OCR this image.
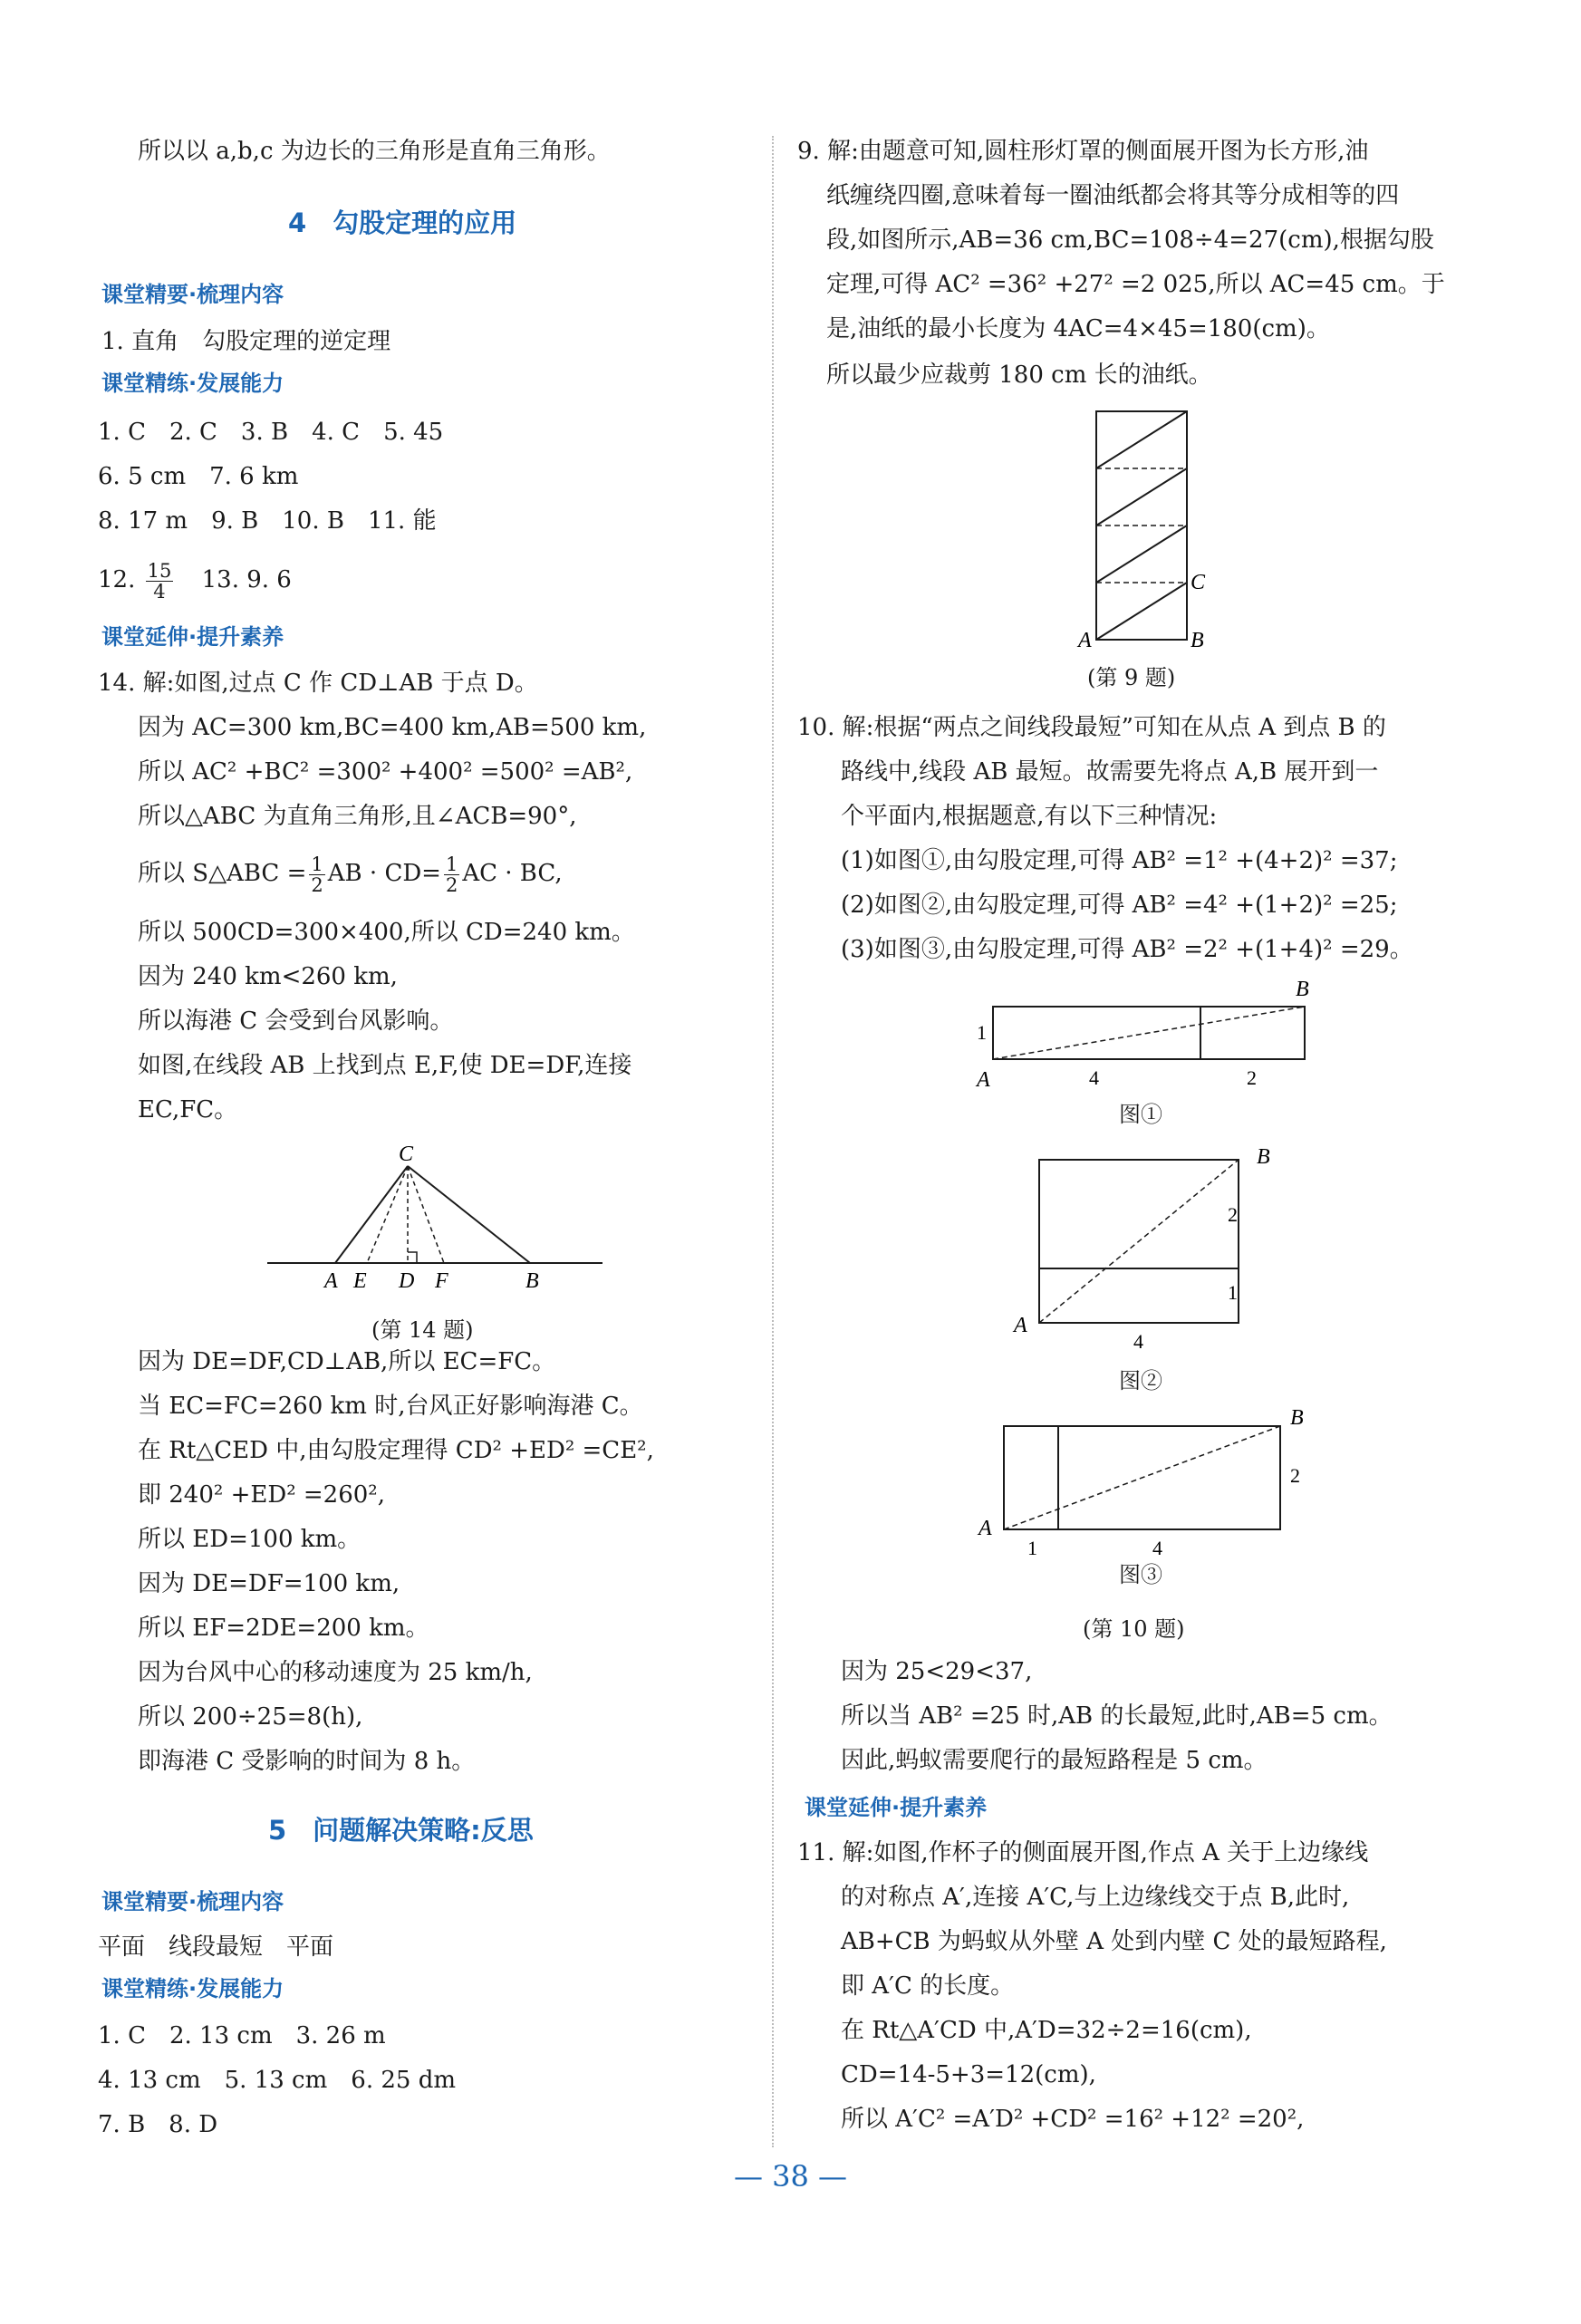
所以以 a,b,c 为边长的三角形是直角三角形。
4　勾股定理的应用
课堂精要·梳理内容
1. 直角　勾股定理的逆定理
课堂精练·发展能力
1. C　2. C　3. B　4. C　5. 45
6. 5 cm　7. 6 km
8. 17 m　9. B　10. B　11. 能
12. $\frac{15}{4} 13$. 9. 6
课堂延伸·提升素养
14. 解:如图,过点 C 作 CD⊥AB 于点 D。
因为 AC=300 km,BC=400 km,AB=500 km,
所以 AC² +BC² =300² +400² =500² =AB²,
所以△ABC 为直角三角形,且∠ACB=90°,
所以 S△ABC = $\frac{1}{2}$ AB · $CD= \frac{1}{2}$ AC · BC,
所以 500CD=300×400,所以 CD=240 km。
因为 240 km<260 km,
所以海港 C 会受到台风影响。
如图,在线段 AB 上找到点 E,F,使 DE=DF,连接
EC,FC。
C
A E D F	B
(第 14 题)
因为 DE=DF,CD⊥AB,所以 EC=FC。
当 EC=FC=260 km 时,台风正好影响海港 C。
在 Rt△CED 中,由勾股定理得 CD² +ED² =CE²,
即 240² +ED² =260²,
所以 ED=100 km。
因为 DE=DF=100 km,
所以 EF=2DE=200 km。
因为台风中心的移动速度为 25 km/h,
所以 200÷25=8(h),
即海港 C 受影响的时间为 8 h。
5　问题解决策略:反思
课堂精要·梳理内容
平面　线段最短　平面
课堂精练·发展能力
1. C　2. 13 cm　3. 26 m
4. 13 cm　5. 13 cm　6. 25 dm
7. B　8. D
9. 解:由题意可知,圆柱形灯罩的侧面展开图为长方形,油
纸缠绕四圈,意味着每一圈油纸都会将其等分成相等的四
段,如图所示,AB=36 cm,BC=108÷4=27(cm),根据勾股
定理,可得 AC² =36² +27² =2 025,所以 AC=45 cm。于
是,油纸的最小长度为 4AC=4×45=180(cm)。
所以最少应裁剪 180 cm 长的油纸。
A	B
C
(第 9 题)
10. 解:根据“两点之间线段最短”可知在从点 A 到点 B 的
路线中,线段 AB 最短。故需要先将点 A,B 展开到一
个平面内,根据题意,有以下三种情况:
(1)如图①,由勾股定理,可得 AB² =1² +(4+2)² =37;
(2)如图②,由勾股定理,可得 AB² =4² +(1+2)² =25;
(3)如图③,由勾股定理,可得 AB² =2² +(1+4)² =29。
A
B
1
4	2
图①
A
B
2
1
4
图②
A
B
2
1	4
图③
(第 10 题)
因为 25<29<37,
所以当 AB² =25 时,AB 的长最短,此时,AB=5 cm。
因此,蚂蚁需要爬行的最短路程是 5 cm。
课堂延伸·提升素养
11. 解:如图,作杯子的侧面展开图,作点 A 关于上边缘线
的对称点 A′,连接 A′C,与上边缘线交于点 B,此时,
AB+CB 为蚂蚁从外壁 A 处到内壁 C 处的最短路程,
即 A′C 的长度。
在 Rt△A′CD 中,A′D=32÷2=16(cm),
CD=14-5+3=12(cm),
所以 A′C² =A′D² +CD² =16² +12² =20²,
— 38 —
